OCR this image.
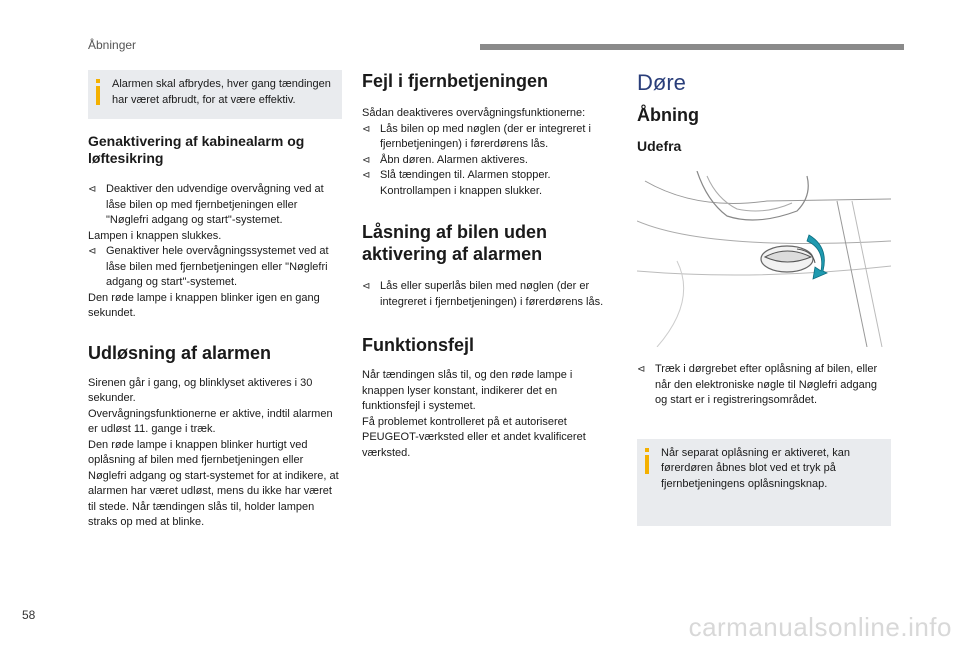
Åbninger

Alarmen skal afbrydes, hver gang tændingen har været afbrudt, for at være effektiv.

Genaktivering af kabinealarm og løftesikring
⊲ Deaktiver den udvendige overvågning ved at låse bilen op med fjernbetjeningen eller "Nøglefri adgang og start"-systemet.

Lampen i knappen slukkes.

⊲ Genaktiver hele overvågningssystemet ved at låse bilen med fjernbetjeningen eller "Nøglefri adgang og start"-systemet.

Den røde lampe i knappen blinker igen en gang sekundet.

Udløsning af alarmen

Sirenen går i gang, og blinklyset aktiveres i 30 sekunder.
Overvågningsfunktionerne er aktive, indtil alarmen er udløst 11. gange i træk.
Den røde lampe i knappen blinker hurtigt ved oplåsning af bilen med fjernbetjeningen eller Nøglefri adgang og start-systemet for at indikere, at alarmen har været udløst, mens du ikke har været til stede. Når tændingen slås til, holder lampen straks op med at blinke.

Fejl i fjernbetjeningen

Sådan deaktiveres overvågningsfunktionerne:

⊲ Lås bilen op med nøglen (der er integreret i fjernbetjeningen) i førerdørens lås.
⊲ Åbn døren. Alarmen aktiveres.
⊲ Slå tændingen til. Alarmen stopper. Kontrollampen i knappen slukker.
Låsning af bilen uden aktivering af alarmen
⊲ Lås eller superlås bilen med nøglen (der er integreret i fjernbetjeningen) i førerdørens lås.
Funktionsfejl

Når tændingen slås til, og den røde lampe i knappen lyser konstant, indikerer det en funktionsfejl i systemet.
Få problemet kontrolleret på et autoriseret PEUGEOT-værksted eller et andet kvalificeret værksted.

Døre
Åbning
Udefra
⊲ Træk i dørgrebet efter oplåsning af bilen, eller når den elektroniske nøgle til Nøglefri adgang og start er i registreringsområdet.

Når separat oplåsning er aktiveret, kan førerdøren åbnes blot ved et tryk på fjernbetjeningens oplåsningsknap.

58	carmanualsonline.info
